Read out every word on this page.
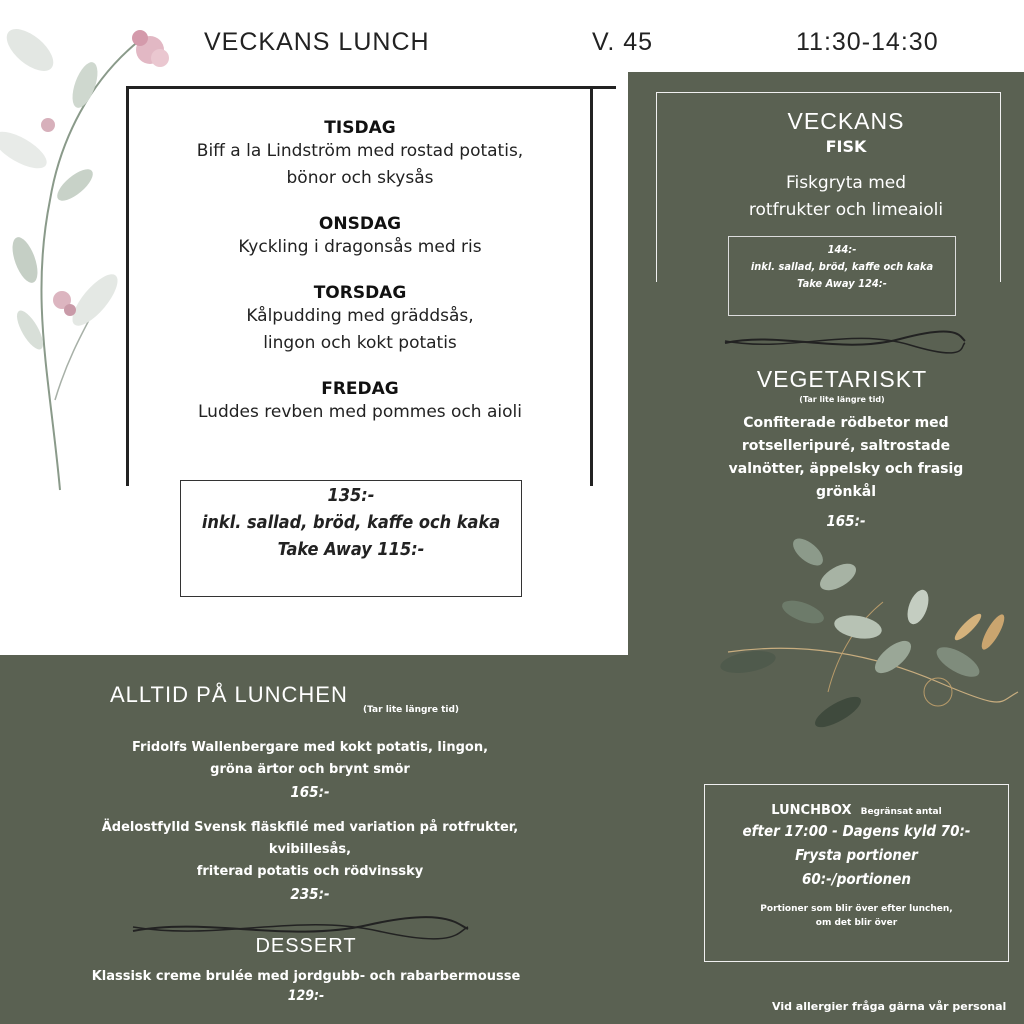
VECKANS LUNCH	V. 45	11:30-14:30
TISDAG
Biff a la Lindström med rostad potatis,
bönor och skysås
ONSDAG
Kyckling i dragonsås med ris
TORSDAG
Kålpudding med gräddsås,
lingon och kokt potatis
FREDAG
Luddes revben med pommes och aioli
135:-
inkl. sallad, bröd, kaffe och kaka
Take Away 115:-
VECKANS
FISK
Fiskgryta med
rotfrukter och limeaioli
144:-
inkl. sallad, bröd, kaffe och kaka
Take Away 124:-
VEGETARISKT
(Tar lite längre tid)
Confiterade rödbetor med
rotselleripuré, saltrostade
valnötter, äppelsky och frasig
grönkål
165:-
LUNCHBOX Begränsat antal
efter 17:00 - Dagens kyld 70:-
Frysta portioner
60:-/portionen
Portioner som blir över efter lunchen,
om det blir över
Vid allergier fråga gärna vår personal
ALLTID PÅ LUNCHEN $_{(Tar lite längre tid)}$
Fridolfs Wallenbergare med kokt potatis, lingon,
gröna ärtor och brynt smör
165:-
Ädelostfylld Svensk fläskfilé med variation på rotfrukter,
kvibillesås,
friterad potatis och rödvinssky
235:-
DESSERT
Klassisk creme brulée med jordgubb- och rabarbermousse
129:-
